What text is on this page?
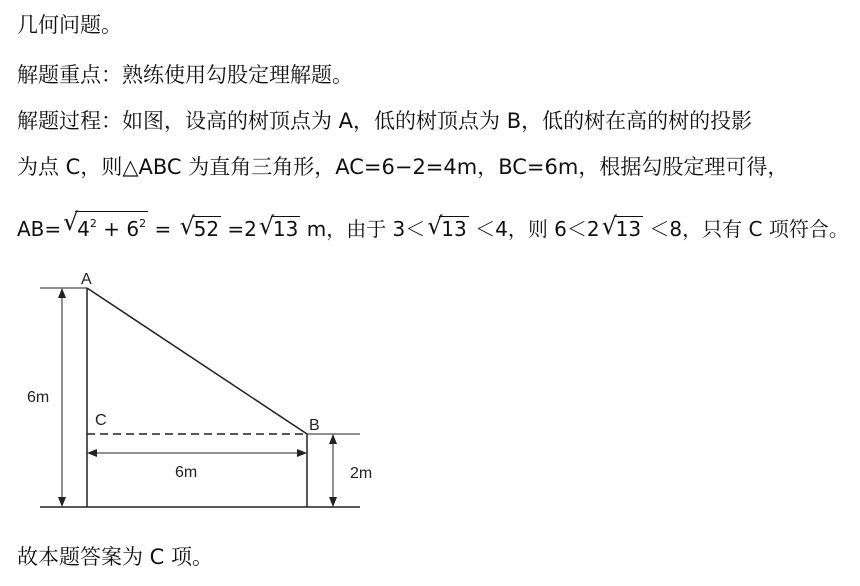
几何问题。
解题重点：熟练使用勾股定理解题。
解题过程：如图，设高的树顶点为 A，低的树顶点为 B，低的树在高的树的投影
为点 C，则△ABC 为直角三角形，AC=6−2=4m，BC=6m，根据勾股定理可得，
AB= √
$4^2 + 6^2$ = √
52 =2 √
13 m，由于 3＜ √
13 ＜4，则 6＜2 √
13 ＜8，只有 C 项符合。
A
B
C
6m
6m	2m
故本题答案为 C 项。
